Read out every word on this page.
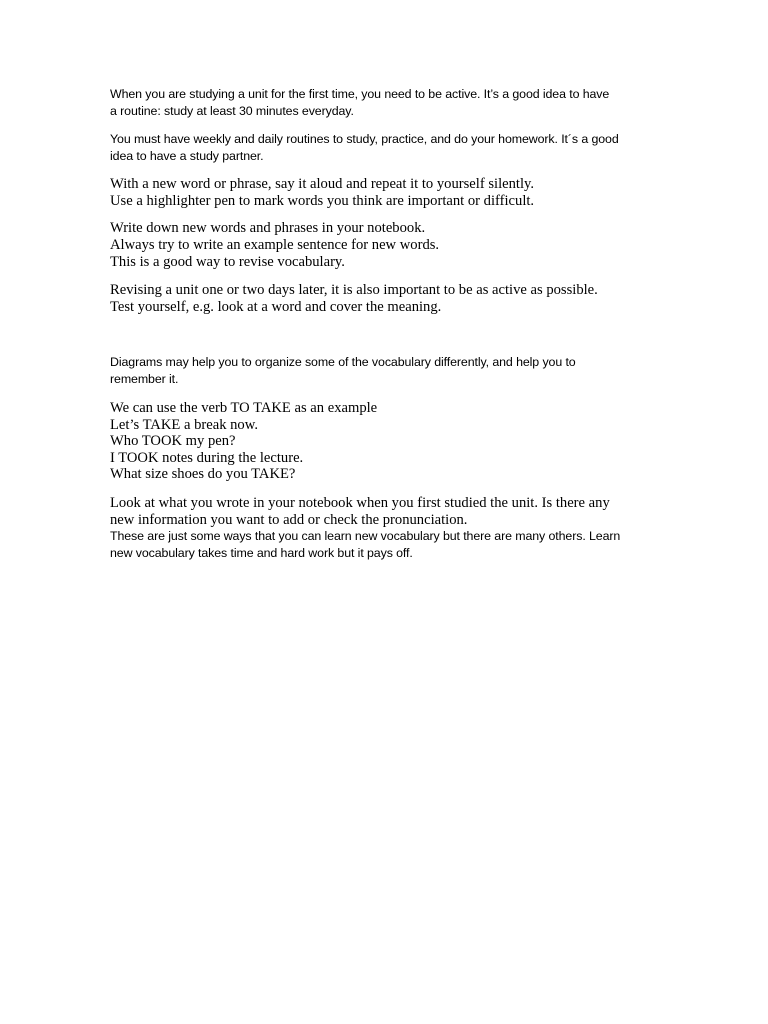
When you are studying a unit for the first time, you need to be active. It’s a good idea to have
a routine: study at least 30 minutes everyday.

You must have weekly and daily routines to study, practice, and do your homework. It´s a good
idea to have a study partner.

With a new word or phrase, say it aloud and repeat it to yourself silently.
Use a highlighter pen to mark words you think are important or difficult.

Write down new words and phrases in your notebook.
Always try to write an example sentence for new words.
This is a good way to revise vocabulary.

Revising a unit one or two days later, it is also important to be as active as possible.
Test yourself, e.g. look at a word and cover the meaning.

Diagrams may help you to organize some of the vocabulary differently, and help you to
remember it.

We can use the verb TO TAKE as an example
Let’s TAKE a break now.
Who TOOK my pen?
I TOOK notes during the lecture.
What size shoes do you TAKE?

Look at what you wrote in your notebook when you first studied the unit. Is there any
new information you want to add or check the pronunciation.

These are just some ways that you can learn new vocabulary but there are many others. Learn
new vocabulary takes time and hard work but it pays off.
